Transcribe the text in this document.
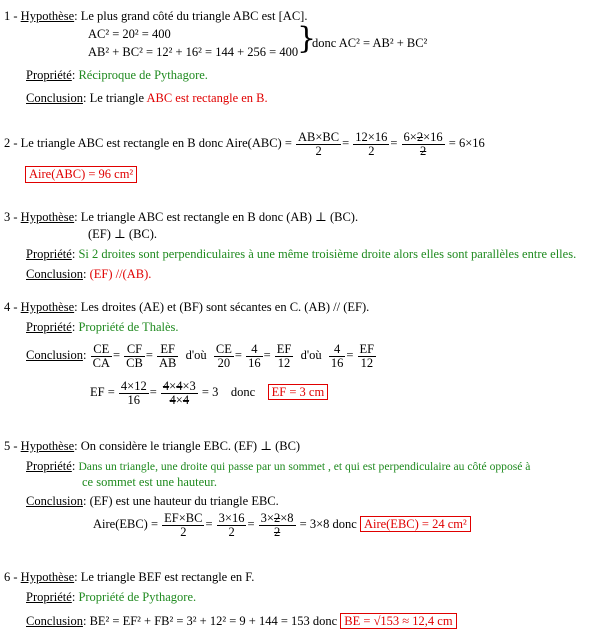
1 - Hypothèse: Le plus grand côté du triangle ABC est [AC].
AC² = 20² = 400
AB² + BC² = 12² + 16² = 144 + 256 = 400
}
donc AC² = AB² + BC²
Propriété: Réciproque de Pythagore.
Conclusion: Le triangle ABC est rectangle en B.
2 - Le triangle ABC est rectangle en B donc Aire(ABC) = $\frac{AB\times BC}{2} = \frac{12\times 16}{2} = \frac{6\times 2\times 16}{2} = 6\times 16$
Aire(ABC) = 96 cm²
3 - Hypothèse: Le triangle ABC est rectangle en B donc (AB) ⊥ (BC).
(EF) ⊥ (BC).
Propriété: Si 2 droites sont perpendiculaires à une même troisième droite alors elles sont parallèles entre elles.
Conclusion: (EF) //(AB).
4 - Hypothèse: Les droites (AE) et (BF) sont sécantes en C. (AB) // (EF).
Propriété: Propriété de Thalès.
Conclusion: $\frac{CE}{CA} = \frac{CF}{CB} = \frac{EF}{AB}$ d'où $\frac{CE}{20} = \frac{4}{16} = \frac{EF}{12}$ d'où $\frac{4}{16} = \frac{EF}{12}$
EF = $\frac{4\times 12}{16} = \frac{4\times 4\times 3}{4\times 4} = 3$ donc EF = 3 cm
5 - Hypothèse: On considère le triangle EBC. (EF) ⊥ (BC)
Propriété: Dans un triangle, une droite qui passe par un sommet , et qui est perpendiculaire au côté opposé à
ce sommet est une hauteur.
Conclusion: (EF) est une hauteur du triangle EBC.
Aire(EBC) = $\frac{EF\times BC}{2} = \frac{3\times 16}{2} = \frac{3\times 2\times 8}{2} = 3\times 8$ donc Aire(EBC) = 24 cm²
6 - Hypothèse: Le triangle BEF est rectangle en F.
Propriété: Propriété de Pythagore.
Conclusion: BE² = EF² + FB² = 3² + 12² = 9 + 144 = 153 donc BE = √153 ≈ 12,4 cm
